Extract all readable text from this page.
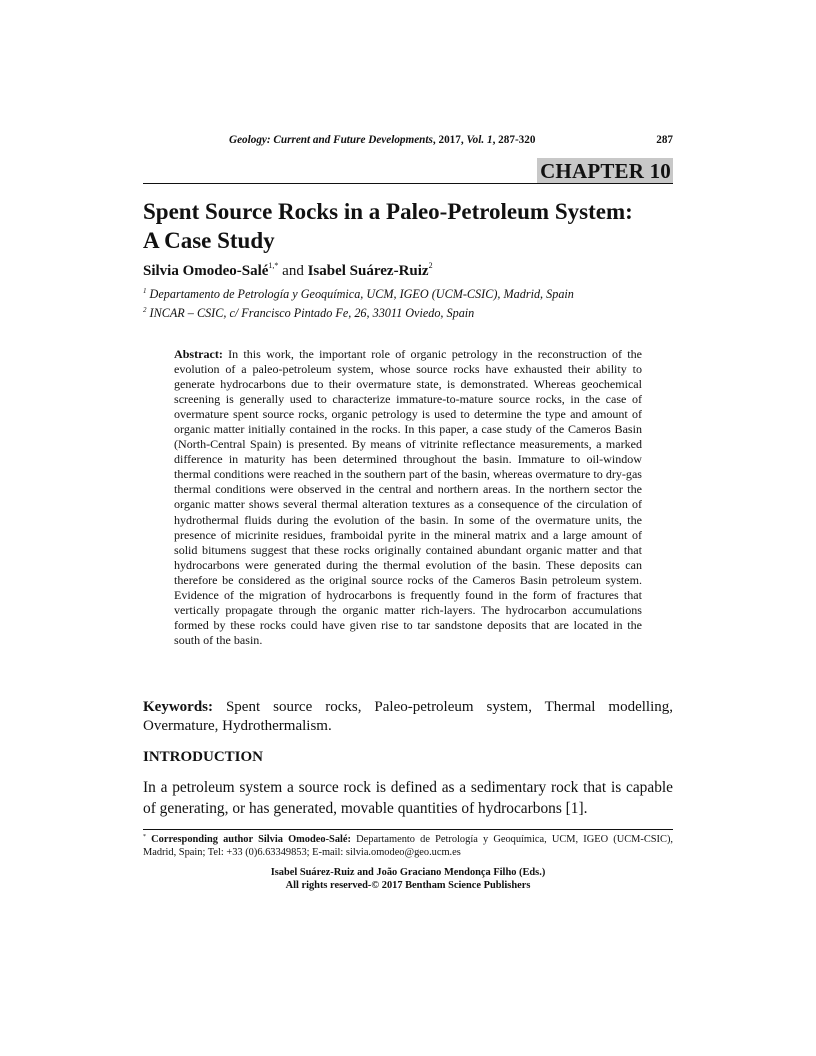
Geology: Current and Future Developments, 2017, Vol. 1, 287-320	287
CHAPTER 10
Spent Source Rocks in a Paleo-Petroleum System:
A Case Study
Silvia Omodeo-Salé$^{1,*}$ and Isabel Suárez-Ruiz$^2$
$^1$ Departamento de Petrología y Geoquímica, UCM, IGEO (UCM-CSIC), Madrid, Spain
$^2$ INCAR – CSIC, c/ Francisco Pintado Fe, 26, 33011 Oviedo, Spain

Abstract: In this work, the important role of organic petrology in the reconstruction of the evolution of a paleo-petroleum system, whose source rocks have exhausted their ability to generate hydrocarbons due to their overmature state, is demonstrated. Whereas geochemical screening is generally used to characterize immature-to-mature source rocks, in the case of overmature spent source rocks, organic petrology is used to determine the type and amount of organic matter initially contained in the rocks. In this paper, a case study of the Cameros Basin (North-Central Spain) is presented. By means of vitrinite reflectance measurements, a marked difference in maturity has been determined throughout the basin. Immature to oil-window thermal conditions were reached in the southern part of the basin, whereas overmature to dry-gas thermal conditions were observed in the central and northern areas. In the northern sector the organic matter shows several thermal alteration textures as a consequence of the circulation of hydrothermal fluids during the evolution of the basin. In some of the overmature units, the presence of micrinite residues, framboidal pyrite in the mineral matrix and a large amount of solid bitumens suggest that these rocks originally contained abundant organic matter and that hydrocarbons were generated during the thermal evolution of the basin. These deposits can therefore be considered as the original source rocks of the Cameros Basin petroleum system. Evidence of the migration of hydrocarbons is frequently found in the form of fractures that vertically propagate through the organic matter rich-layers. The hydrocarbon accumulations formed by these rocks could have given rise to tar sandstone deposits that are located in the south of the basin.

Keywords: Spent source rocks, Paleo-petroleum system, Thermal modelling, Overmature, Hydrothermalism.

INTRODUCTION

In a petroleum system a source rock is defined as a sedimentary rock that is capable of generating, or has generated, movable quantities of hydrocarbons [1].

* Corresponding author Silvia Omodeo-Salé: Departamento de Petrología y Geoquímica, UCM, IGEO (UCM-CSIC), Madrid, Spain; Tel: +33 (0)6.63349853; E-mail: silvia.omodeo@geo.ucm.es

Isabel Suárez-Ruiz and João Graciano Mendonça Filho (Eds.)
All rights reserved-© 2017 Bentham Science Publishers
